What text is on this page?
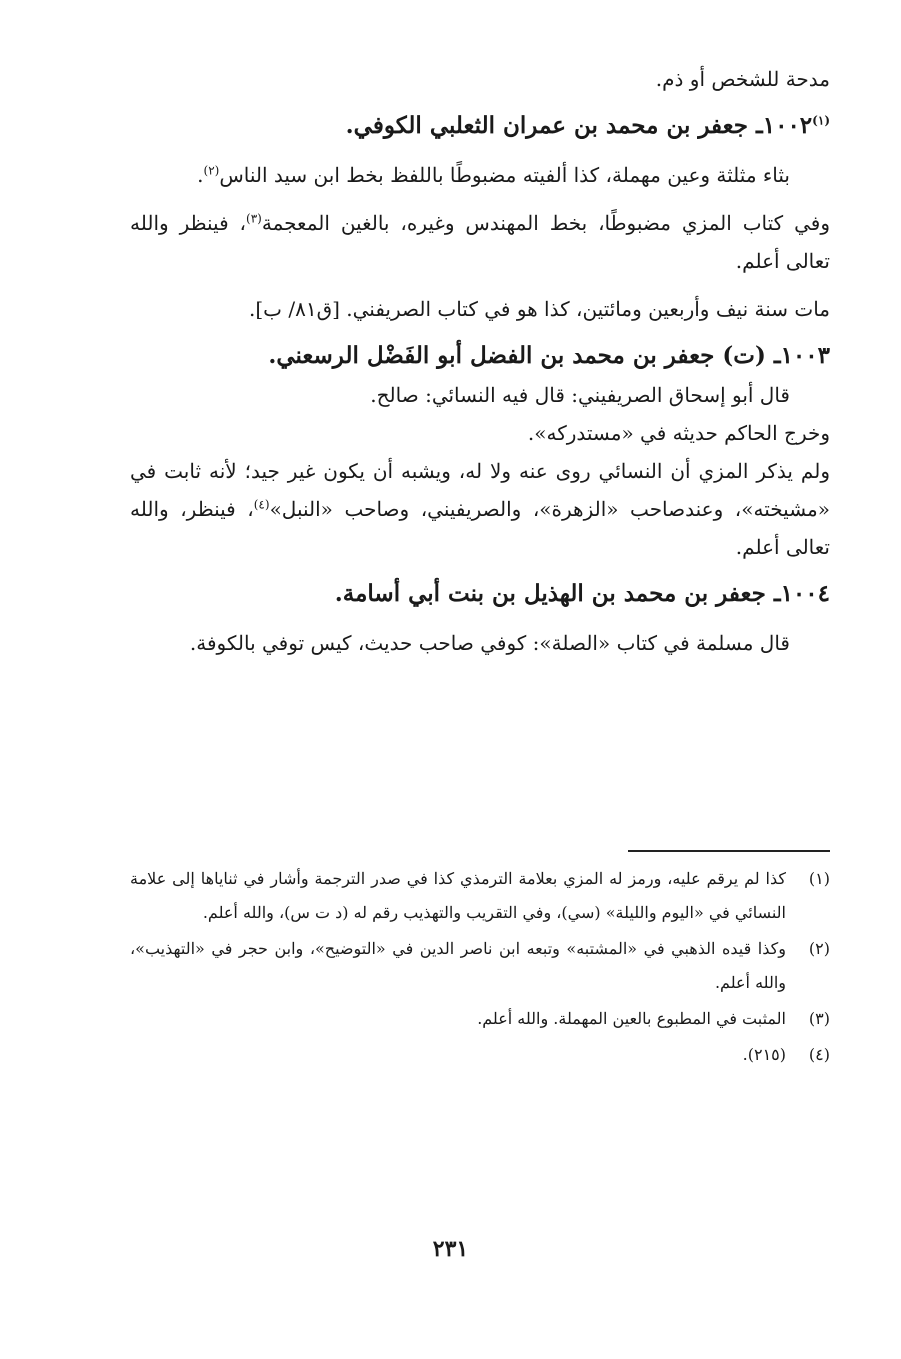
مدحة للشخص أو ذم.

$^{(١)}$١٠٠٢ـ جعفر بن محمد بن عمران الثعلبي الكوفي.

بثاء مثلثة وعين مهملة، كذا ألفيته مضبوطًا باللفظ بخط ابن سيد الناس$^{(٢)}$.

وفي كتاب المزي مضبوطًا، بخط المهندس وغيره، بالغين المعجمة$^{(٣)}$، فينظر والله تعالى أعلم.

مات سنة نيف وأربعين ومائتين، كذا هو في كتاب الصريفني. [ق٨١/ ب].

١٠٠٣ـ (ت) جعفر بن محمد بن الفضل أبو الفَضْل الرسعني.

قال أبو إسحاق الصريفيني: قال فيه النسائي: صالح.

وخرج الحاكم حديثه في «مستدركه».

ولم يذكر المزي أن النسائي روى عنه ولا له، ويشبه أن يكون غير جيد؛ لأنه ثابت في «مشيخته»، وعندصاحب «الزهرة»، والصريفيني، وصاحب «النبل»$^{(٤)}$، فينظر، والله تعالى أعلم.

١٠٠٤ـ جعفر بن محمد بن الهذيل بن بنت أبي أسامة.

قال مسلمة في كتاب «الصلة»: كوفي صاحب حديث، كيس توفي بالكوفة.

(١)
كذا لم يرقم عليه، ورمز له المزي بعلامة الترمذي كذا في صدر الترجمة وأشار في ثناياها إلى علامة النسائي في «اليوم والليلة» (سي)، وفي التقريب والتهذيب رقم له (د ت س)، والله أعلم.
(٢)
وكذا قيده الذهبي في «المشتبه» وتبعه ابن ناصر الدين في «التوضيح»، وابن حجر في «التهذيب»، والله أعلم.
(٣)
المثبت في المطبوع بالعين المهملة. والله أعلم.
(٤)
(٢١٥).
٢٣١
